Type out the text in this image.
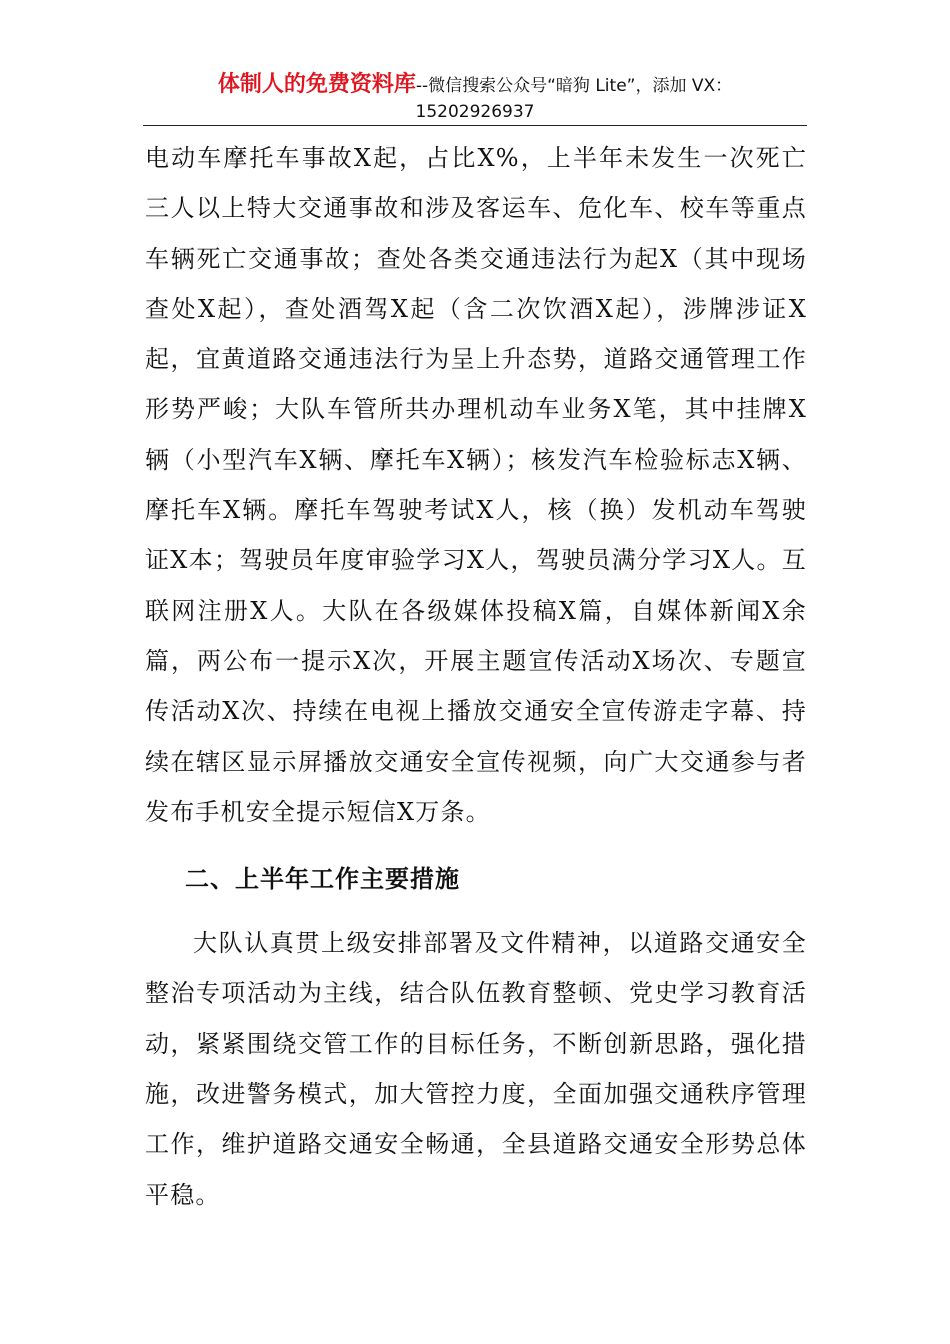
体制人的免费资料库--微信搜索公众号“暗狗 Lite”，添加 VX：
15202926937

电动车摩托车事故X起，占比X%，上半年未发生一次死亡三人以上特大交通事故和涉及客运车、危化车、校车等重点车辆死亡交通事故；查处各类交通违法行为起X（其中现场查处X起），查处酒驾X起（含二次饮酒X起），涉牌涉证X起，宜黄道路交通违法行为呈上升态势，道路交通管理工作形势严峻；大队车管所共办理机动车业务X笔，其中挂牌X辆（小型汽车X辆、摩托车X辆）；核发汽车检验标志X辆、摩托车X辆。摩托车驾驶考试X人，核（换）发机动车驾驶证X本；驾驶员年度审验学习X人，驾驶员满分学习X人。互联网注册X人。大队在各级媒体投稿X篇，自媒体新闻X余篇，两公布一提示X次，开展主题宣传活动X场次、专题宣传活动X次、持续在电视上播放交通安全宣传游走字幕、持续在辖区显示屏播放交通安全宣传视频，向广大交通参与者发布手机安全提示短信X万条。

二、上半年工作主要措施

大队认真贯上级安排部署及文件精神，以道路交通安全整治专项活动为主线，结合队伍教育整顿、党史学习教育活动，紧紧围绕交管工作的目标任务，不断创新思路，强化措施，改进警务模式，加大管控力度，全面加强交通秩序管理工作，维护道路交通安全畅通，全县道路交通安全形势总体平稳。
